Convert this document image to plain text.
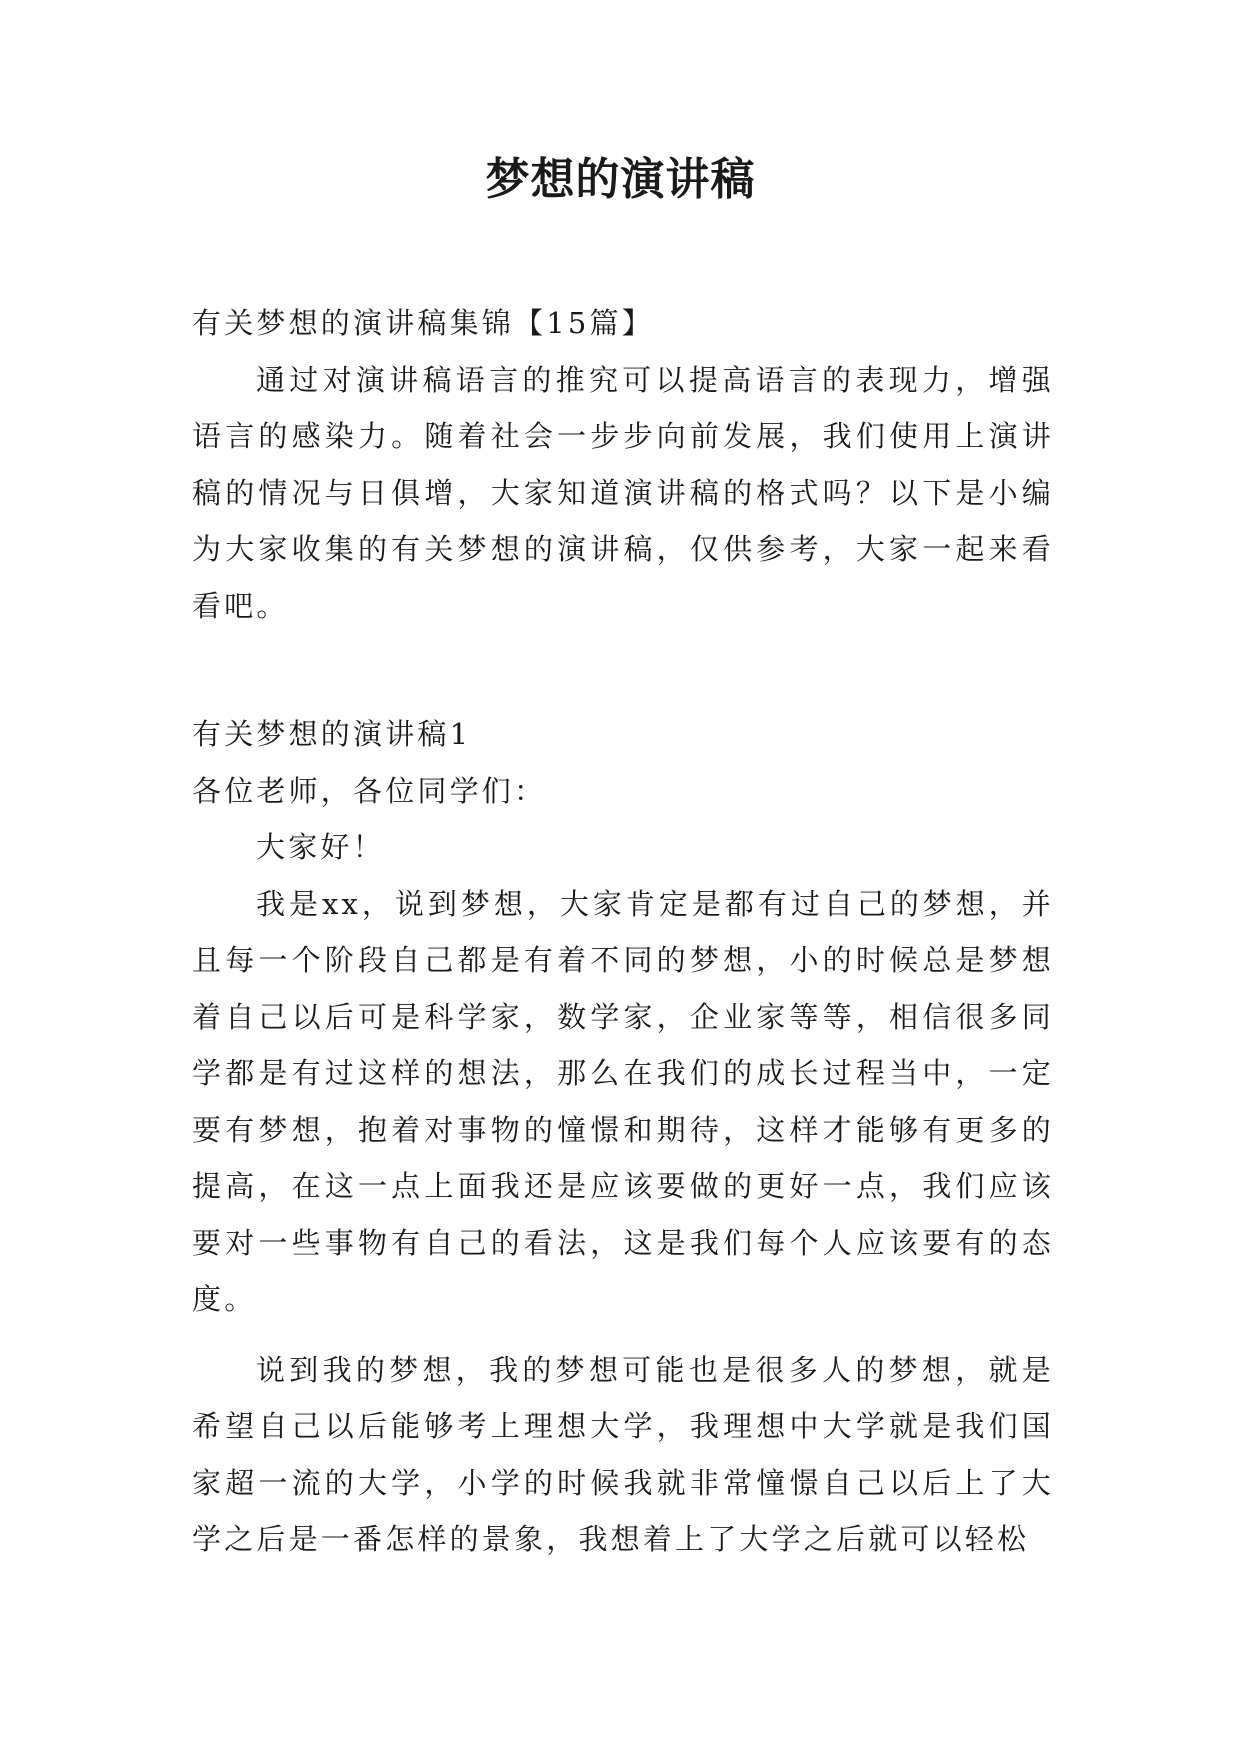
梦想的演讲稿

有关梦想的演讲稿集锦【15篇】

通过对演讲稿语言的推究可以提高语言的表现力，增强语言的感染力。随着社会一步步向前发展，我们使用上演讲稿的情况与日俱增，大家知道演讲稿的格式吗？以下是小编为大家收集的有关梦想的演讲稿，仅供参考，大家一起来看看吧。

有关梦想的演讲稿1

各位老师，各位同学们：

大家好！

我是xx，说到梦想，大家肯定是都有过自己的梦想，并且每一个阶段自己都是有着不同的梦想，小的时候总是梦想着自己以后可是科学家，数学家，企业家等等，相信很多同学都是有过这样的想法，那么在我们的成长过程当中，一定要有梦想，抱着对事物的憧憬和期待，这样才能够有更多的提高，在这一点上面我还是应该要做的更好一点，我们应该要对一些事物有自己的看法，这是我们每个人应该要有的态度。

说到我的梦想，我的梦想可能也是很多人的梦想，就是希望自己以后能够考上理想大学，我理想中大学就是我们国家超一流的大学，小学的时候我就非常憧憬自己以后上了大学之后是一番怎样的景象，我想着上了大学之后就可以轻松
